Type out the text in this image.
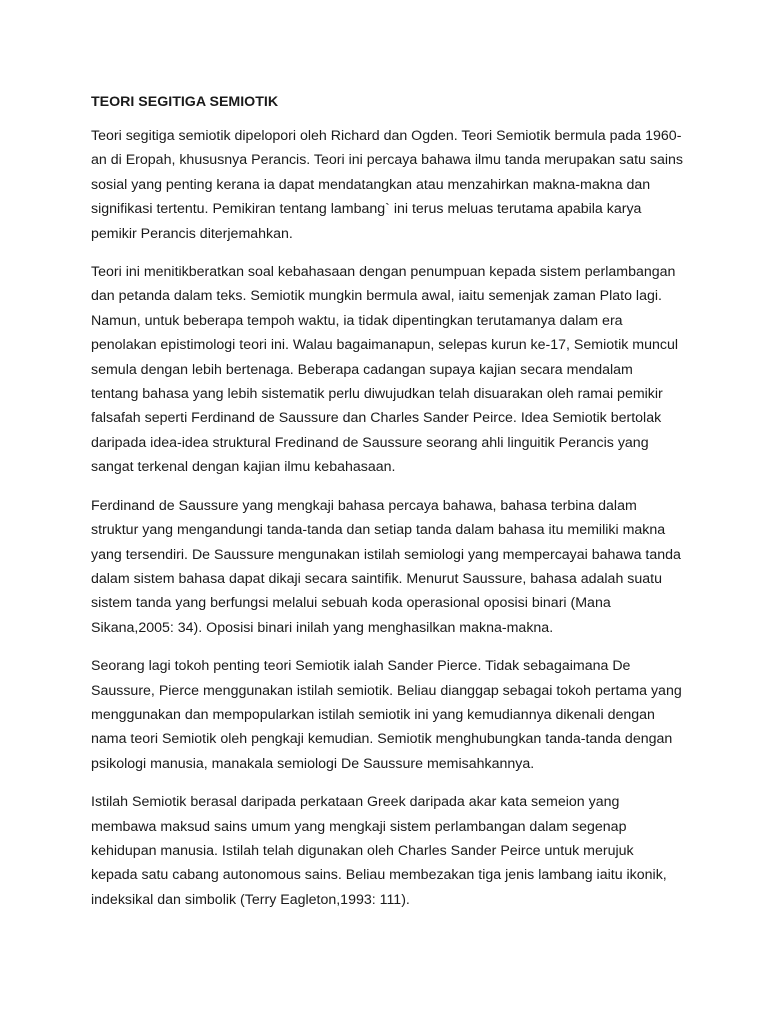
TEORI SEGITIGA SEMIOTIK

Teori segitiga semiotik dipelopori oleh Richard dan Ogden. Teori Semiotik bermula pada 1960-an di Eropah, khususnya Perancis. Teori ini percaya bahawa ilmu tanda merupakan satu sains sosial yang penting kerana ia dapat mendatangkan atau menzahirkan makna-makna dan signifikasi tertentu. Pemikiran tentang lambang` ini terus meluas terutama apabila karya pemikir Perancis diterjemahkan.

Teori ini menitikberatkan soal kebahasaan dengan penumpuan kepada sistem perlambangan dan petanda dalam teks. Semiotik mungkin bermula awal, iaitu semenjak zaman Plato lagi. Namun, untuk beberapa tempoh waktu, ia tidak dipentingkan terutamanya dalam era penolakan epistimologi teori ini. Walau bagaimanapun, selepas kurun ke-17, Semiotik muncul semula dengan lebih bertenaga. Beberapa cadangan supaya kajian secara mendalam tentang bahasa yang lebih sistematik perlu diwujudkan telah disuarakan oleh ramai pemikir falsafah seperti Ferdinand de Saussure dan Charles Sander Peirce. Idea Semiotik bertolak daripada idea-idea struktural Fredinand de Saussure seorang ahli linguitik Perancis yang sangat terkenal dengan kajian ilmu kebahasaan.

Ferdinand de Saussure yang mengkaji bahasa percaya bahawa, bahasa terbina dalam struktur yang mengandungi tanda-tanda dan setiap tanda dalam bahasa itu memiliki makna yang tersendiri. De Saussure mengunakan istilah semiologi yang mempercayai bahawa tanda dalam sistem bahasa dapat dikaji secara saintifik. Menurut Saussure, bahasa adalah suatu sistem tanda yang berfungsi melalui sebuah koda operasional oposisi binari (Mana Sikana,2005: 34). Oposisi binari inilah yang menghasilkan makna-makna.

Seorang lagi tokoh penting teori Semiotik ialah Sander Pierce. Tidak sebagaimana De Saussure, Pierce menggunakan istilah semiotik. Beliau dianggap sebagai tokoh pertama yang menggunakan dan mempopularkan istilah semiotik ini yang kemudiannya dikenali dengan nama teori Semiotik oleh pengkaji kemudian. Semiotik menghubungkan tanda-tanda dengan psikologi manusia, manakala semiologi De Saussure memisahkannya.

Istilah Semiotik berasal daripada perkataan Greek daripada akar kata semeion yang membawa maksud sains umum yang mengkaji sistem perlambangan dalam segenap kehidupan manusia. Istilah telah digunakan oleh Charles Sander Peirce untuk merujuk kepada satu cabang autonomous sains. Beliau membezakan tiga jenis lambang iaitu ikonik, indeksikal dan simbolik (Terry Eagleton,1993: 111).
